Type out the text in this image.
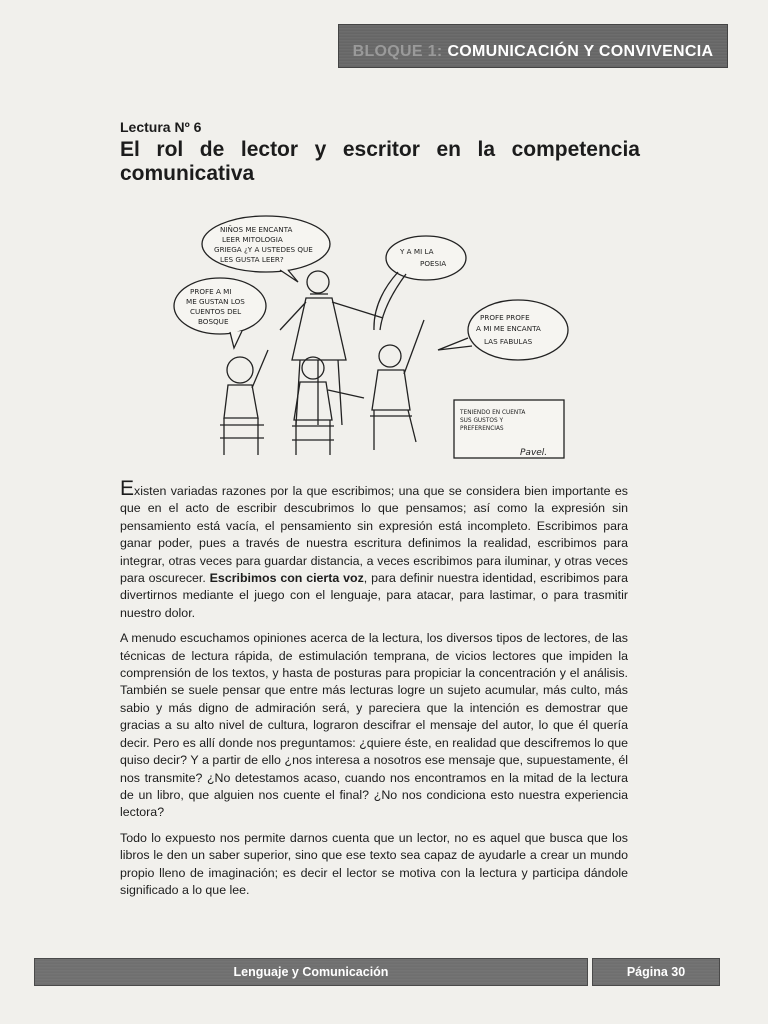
BLOQUE 1: COMUNICACIÓN Y CONVIVENCIA
Lectura Nº 6
El rol de lector y escritor en la competencia comunicativa
NIÑOS ME ENCANTA
LEER MITOLOGIA
GRIEGA ¿Y A USTEDES QUE
LES GUSTA LEER?
PROFE A MI
ME GUSTAN LOS
CUENTOS DEL
BOSQUE
Y A MI LA
POESIA
PROFE PROFE
A MI ME ENCANTA
LAS FABULAS
TENIENDO EN CUENTA
SUS GUSTOS Y
PREFERENCIAS
Pavel.

Existen variadas razones por la que escribimos; una que se considera bien importante es que en el acto de escribir descubrimos lo que pensamos; así como la expresión sin pensamiento está vacía, el pensamiento sin expresión está incompleto. Escribimos para ganar poder, pues a través de nuestra escritura definimos la realidad, escribimos para integrar, otras veces para guardar distancia, a veces escribimos para iluminar, y otras veces para oscurecer. Escribimos con cierta voz, para definir nuestra identidad, escribimos para divertirnos mediante el juego con el lenguaje, para atacar, para lastimar, o para trasmitir nuestro dolor.

A menudo escuchamos opiniones acerca de la lectura, los diversos tipos de lectores, de las técnicas de lectura rápida, de estimulación temprana, de vicios lectores que impiden la comprensión de los textos, y hasta de posturas para propiciar la concentración y el análisis. También se suele pensar que entre más lecturas logre un sujeto acumular, más culto, más sabio y más digno de admiración será, y pareciera que la intención es demostrar que gracias a su alto nivel de cultura, lograron descifrar el mensaje del autor, lo que él quería decir. Pero es allí donde nos preguntamos: ¿quiere éste, en realidad que descifremos lo que quiso decir? Y a partir de ello ¿nos interesa a nosotros ese mensaje que, supuestamente, él nos transmite? ¿No detestamos acaso, cuando nos encontramos en la mitad de la lectura de un libro, que alguien nos cuente el final? ¿No nos condiciona esto nuestra experiencia lectora?

Todo lo expuesto nos permite darnos cuenta que un lector, no es aquel que busca que los libros le den un saber superior, sino que ese texto sea capaz de ayudarle a crear un mundo propio lleno de imaginación; es decir el lector se motiva con la lectura y participa dándole significado a lo que lee.

Lenguaje y Comunicación	Página 30
